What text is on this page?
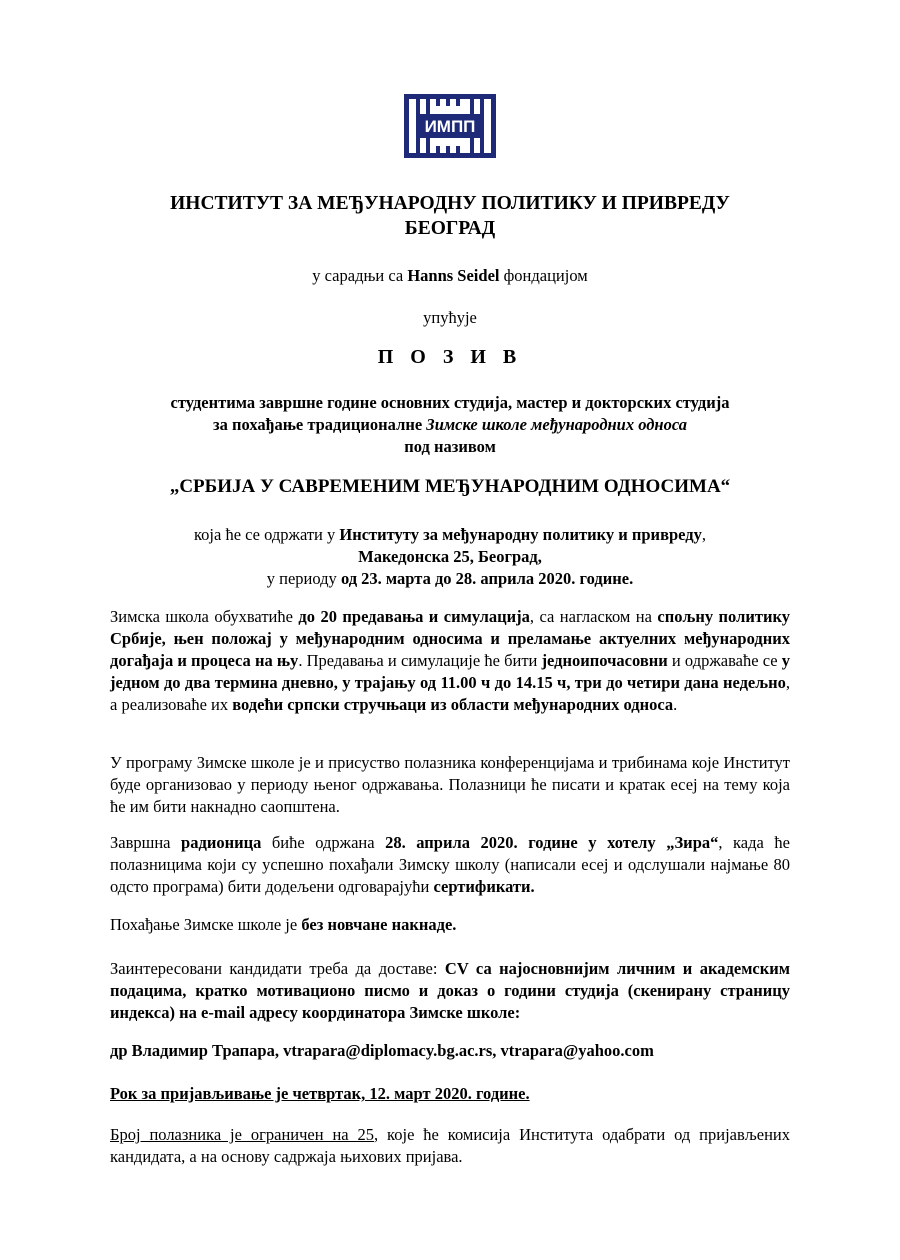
ИМПП
ИНСТИТУТ ЗА МЕЂУНАРОДНУ ПОЛИТИКУ И ПРИВРЕДУ
БЕОГРАД
у сарадњи са Hanns Seidel фондацијом
упућује
П О З И В
студентима завршне године основних студија, мастер и докторских студија
за похађање традиционалне Зимске школе међународних односа
под називом
„СРБИЈА У САВРЕМЕНИМ МЕЂУНАРОДНИМ ОДНОСИМА“
која ће се одржати у Институту за међународну политику и привреду,
Македонска 25, Београд,
у периоду од 23. марта до 28. априла 2020. године.
Зимска школа обухватиће до 20 предавања и симулација, са нагласком на спољну политику Србије, њен положај у међународним односима и преламање актуелних међународних догађаја и процеса на њу. Предавања и симулације ће бити једноипочасовни и одржаваће се у једном до два термина дневно, у трајању од 11.00 ч до 14.15 ч, три до четири дана недељно, а реализоваће их водећи српски стручњаци из области међународних односа.
У програму Зимске школе је и присуство полазника конференцијама и трибинама које Институт буде организовао у периоду њеног одржавања. Полазници ће писати и кратак есеј на тему која ће им бити накнадно саопштена.
Завршна радионица биће одржана 28. априла 2020. године у хотелу „Зира“, када ће полазницима који су успешно похађали Зимску школу (написали есеј и одслушали најмање 80 одсто програма) бити додељени одговарајући сертификати.
Похађање Зимске школе је без новчане накнаде.
Заинтересовани кандидати треба да доставе: CV са најосновнијим личним и академским подацима, кратко мотивационо писмо и доказ о години студија (скенирану страницу индекса) на e-mail адресу координатора Зимске школе:
др Владимир Трапара, vtrapara@diplomacy.bg.ac.rs, vtrapara@yahoo.com
Рок за пријављивање је четвртак, 12. март 2020. године.
Број полазника је ограничен на 25, које ће комисија Института одабрати од пријављених кандидата, а на основу садржаја њихових пријава.
